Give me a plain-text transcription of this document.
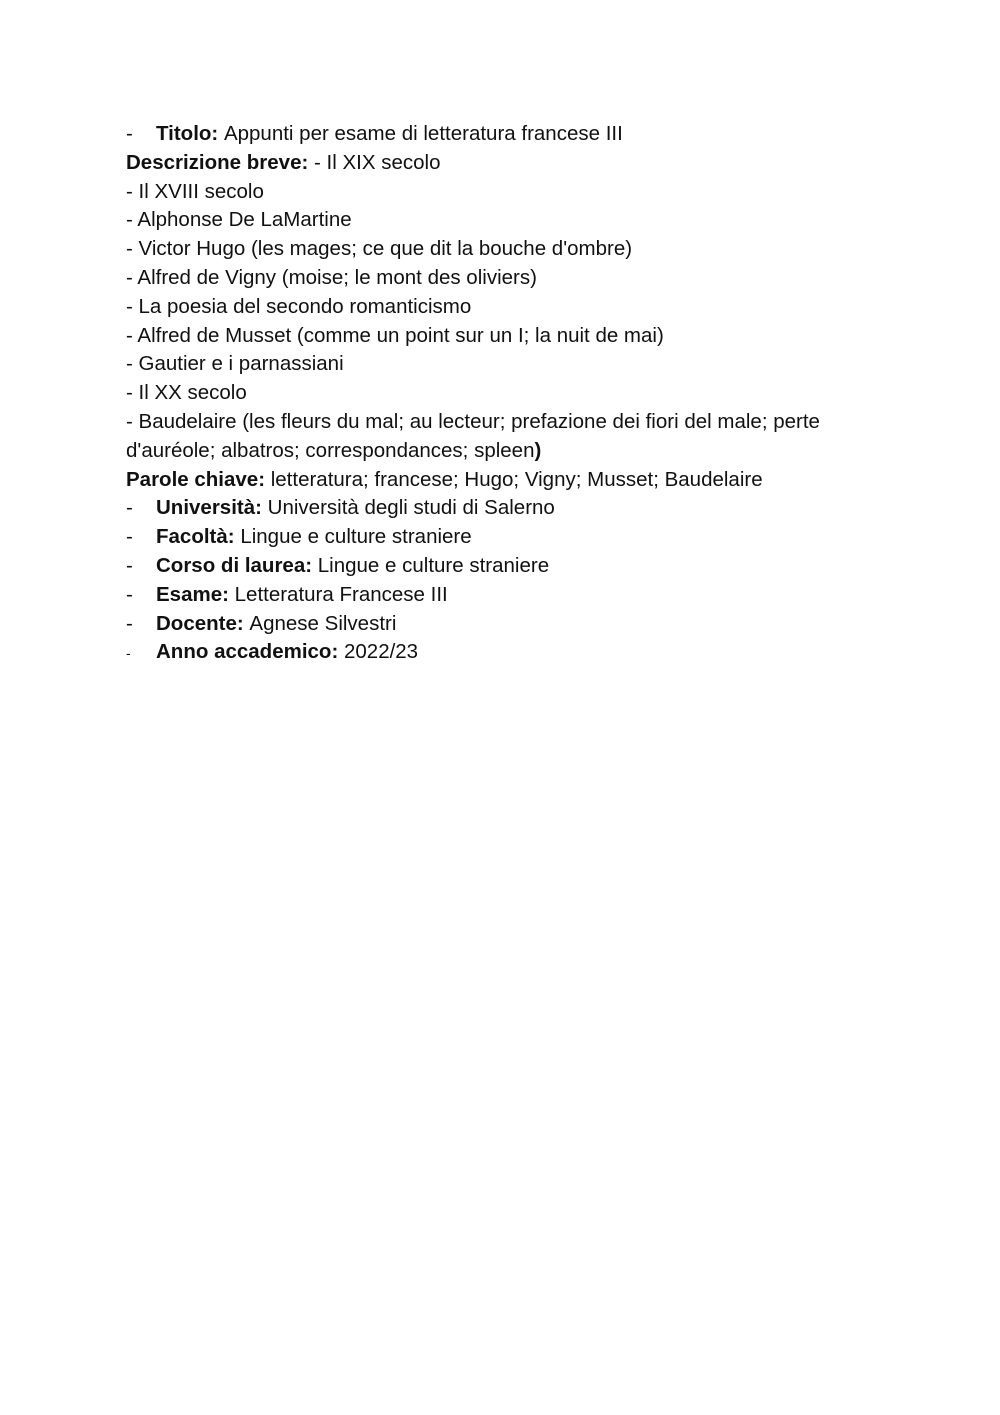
-	Titolo:
Appunti per esame di letteratura francese III
Descrizione breve: - Il XIX secolo
- Il XVIII secolo
- Alphonse De LaMartine
- Victor Hugo (les mages; ce que dit la bouche d'ombre)
- Alfred de Vigny (moise; le mont des oliviers)
- La poesia del secondo romanticismo
- Alfred de Musset (comme un point sur un I; la nuit de mai)
- Gautier e i parnassiani
- Il XX secolo
- Baudelaire (les fleurs du mal; au lecteur; prefazione dei fiori del male; perte d'auréole; albatros; correspondances; spleen)
Parole chiave: letteratura; francese; Hugo; Vigny; Musset; Baudelaire
-	Università:
Università degli studi di Salerno
-	Facoltà:
Lingue e culture straniere
-	Corso di laurea:
Lingue e culture straniere
-	Esame:
Letteratura Francese III
-	Docente:
Agnese Silvestri
-	Anno accademico:
2022/23
